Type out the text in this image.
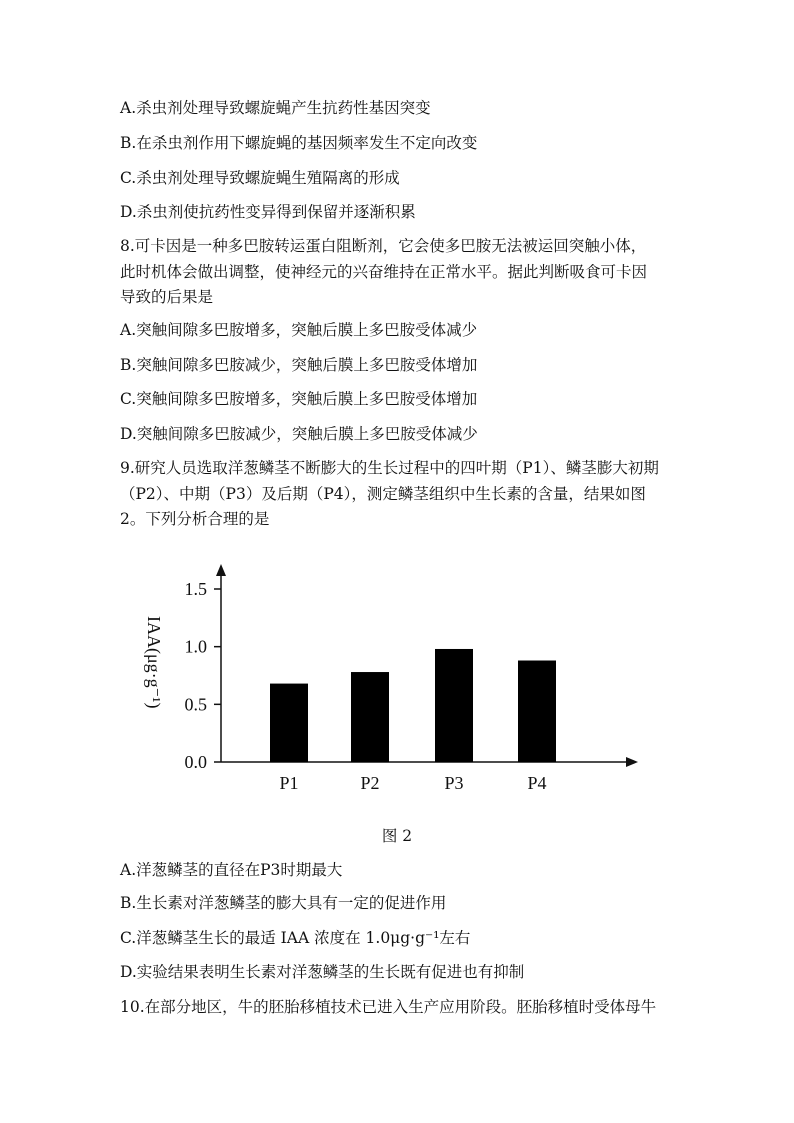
A.杀虫剂处理导致螺旋蝇产生抗药性基因突变
B.在杀虫剂作用下螺旋蝇的基因频率发生不定向改变
C.杀虫剂处理导致螺旋蝇生殖隔离的形成
D.杀虫剂使抗药性变异得到保留并逐渐积累
8.可卡因是一种多巴胺转运蛋白阻断剂，它会使多巴胺无法被运回突触小体，
此时机体会做出调整，使神经元的兴奋维持在正常水平。据此判断吸食可卡因
导致的后果是
A.突触间隙多巴胺增多，突触后膜上多巴胺受体减少
B.突触间隙多巴胺减少，突触后膜上多巴胺受体增加
C.突触间隙多巴胺增多，突触后膜上多巴胺受体增加
D.突触间隙多巴胺减少，突触后膜上多巴胺受体减少
9.研究人员选取洋葱鳞茎不断膨大的生长过程中的四叶期（P1）、鳞茎膨大初期
（P2）、中期（P3）及后期（P4），测定鳞茎组织中生长素的含量，结果如图
2。下列分析合理的是
0.0
0.5
1.0
1.5
P1	P2	P3	P4
IAA(μg·g⁻¹)
图 2
A.洋葱鳞茎的直径在P3时期最大
B.生长素对洋葱鳞茎的膨大具有一定的促进作用
C.洋葱鳞茎生长的最适 IAA 浓度在 1.0μg·g⁻¹左右
D.实验结果表明生长素对洋葱鳞茎的生长既有促进也有抑制
10.在部分地区，牛的胚胎移植技术已进入生产应用阶段。胚胎移植时受体母牛
